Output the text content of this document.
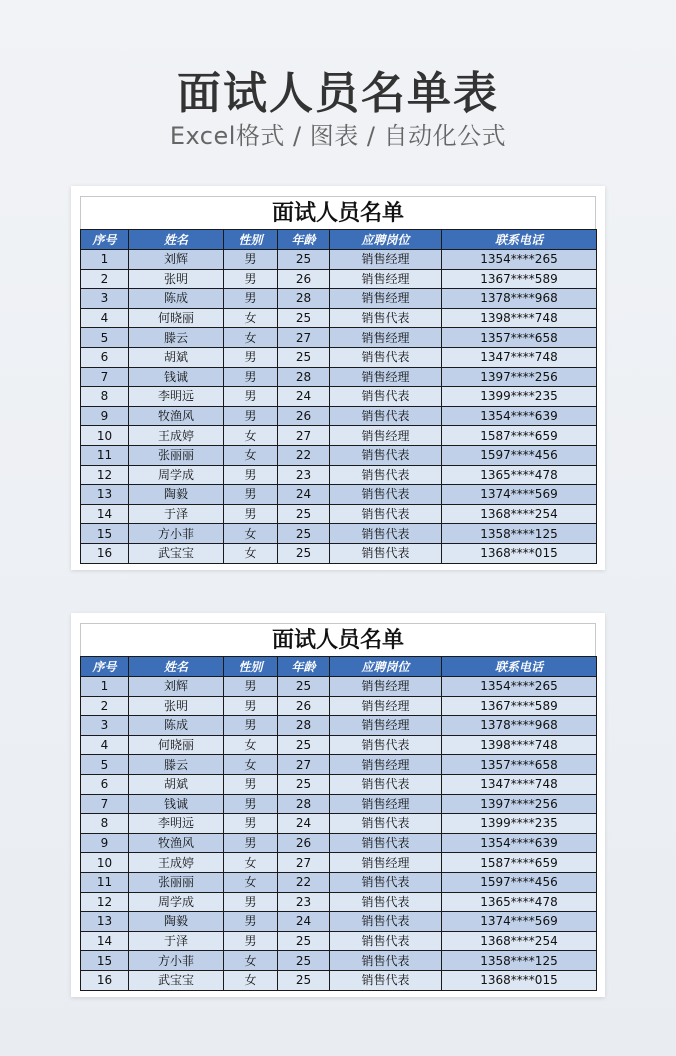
面试人员名单表
Excel格式 / 图表 / 自动化公式
面试人员名单
序号	姓名	性别	年龄	应聘岗位	联系电话
1	刘辉	男	25	销售经理	1354****265
2	张明	男	26	销售经理	1367****589
3	陈成	男	28	销售经理	1378****968
4	何晓丽	女	25	销售代表	1398****748
5	滕云	女	27	销售经理	1357****658
6	胡斌	男	25	销售代表	1347****748
7	钱诚	男	28	销售经理	1397****256
8	李明远	男	24	销售代表	1399****235
9	牧渔风	男	26	销售代表	1354****639
10	王成婷	女	27	销售经理	1587****659
11	张丽丽	女	22	销售代表	1597****456
12	周学成	男	23	销售代表	1365****478
13	陶毅	男	24	销售代表	1374****569
14	于泽	男	25	销售代表	1368****254
15	方小菲	女	25	销售代表	1358****125
16	武宝宝	女	25	销售代表	1368****015
面试人员名单
序号	姓名	性别	年龄	应聘岗位	联系电话
1	刘辉	男	25	销售经理	1354****265
2	张明	男	26	销售经理	1367****589
3	陈成	男	28	销售经理	1378****968
4	何晓丽	女	25	销售代表	1398****748
5	滕云	女	27	销售经理	1357****658
6	胡斌	男	25	销售代表	1347****748
7	钱诚	男	28	销售经理	1397****256
8	李明远	男	24	销售代表	1399****235
9	牧渔风	男	26	销售代表	1354****639
10	王成婷	女	27	销售经理	1587****659
11	张丽丽	女	22	销售代表	1597****456
12	周学成	男	23	销售代表	1365****478
13	陶毅	男	24	销售代表	1374****569
14	于泽	男	25	销售代表	1368****254
15	方小菲	女	25	销售代表	1358****125
16	武宝宝	女	25	销售代表	1368****015
